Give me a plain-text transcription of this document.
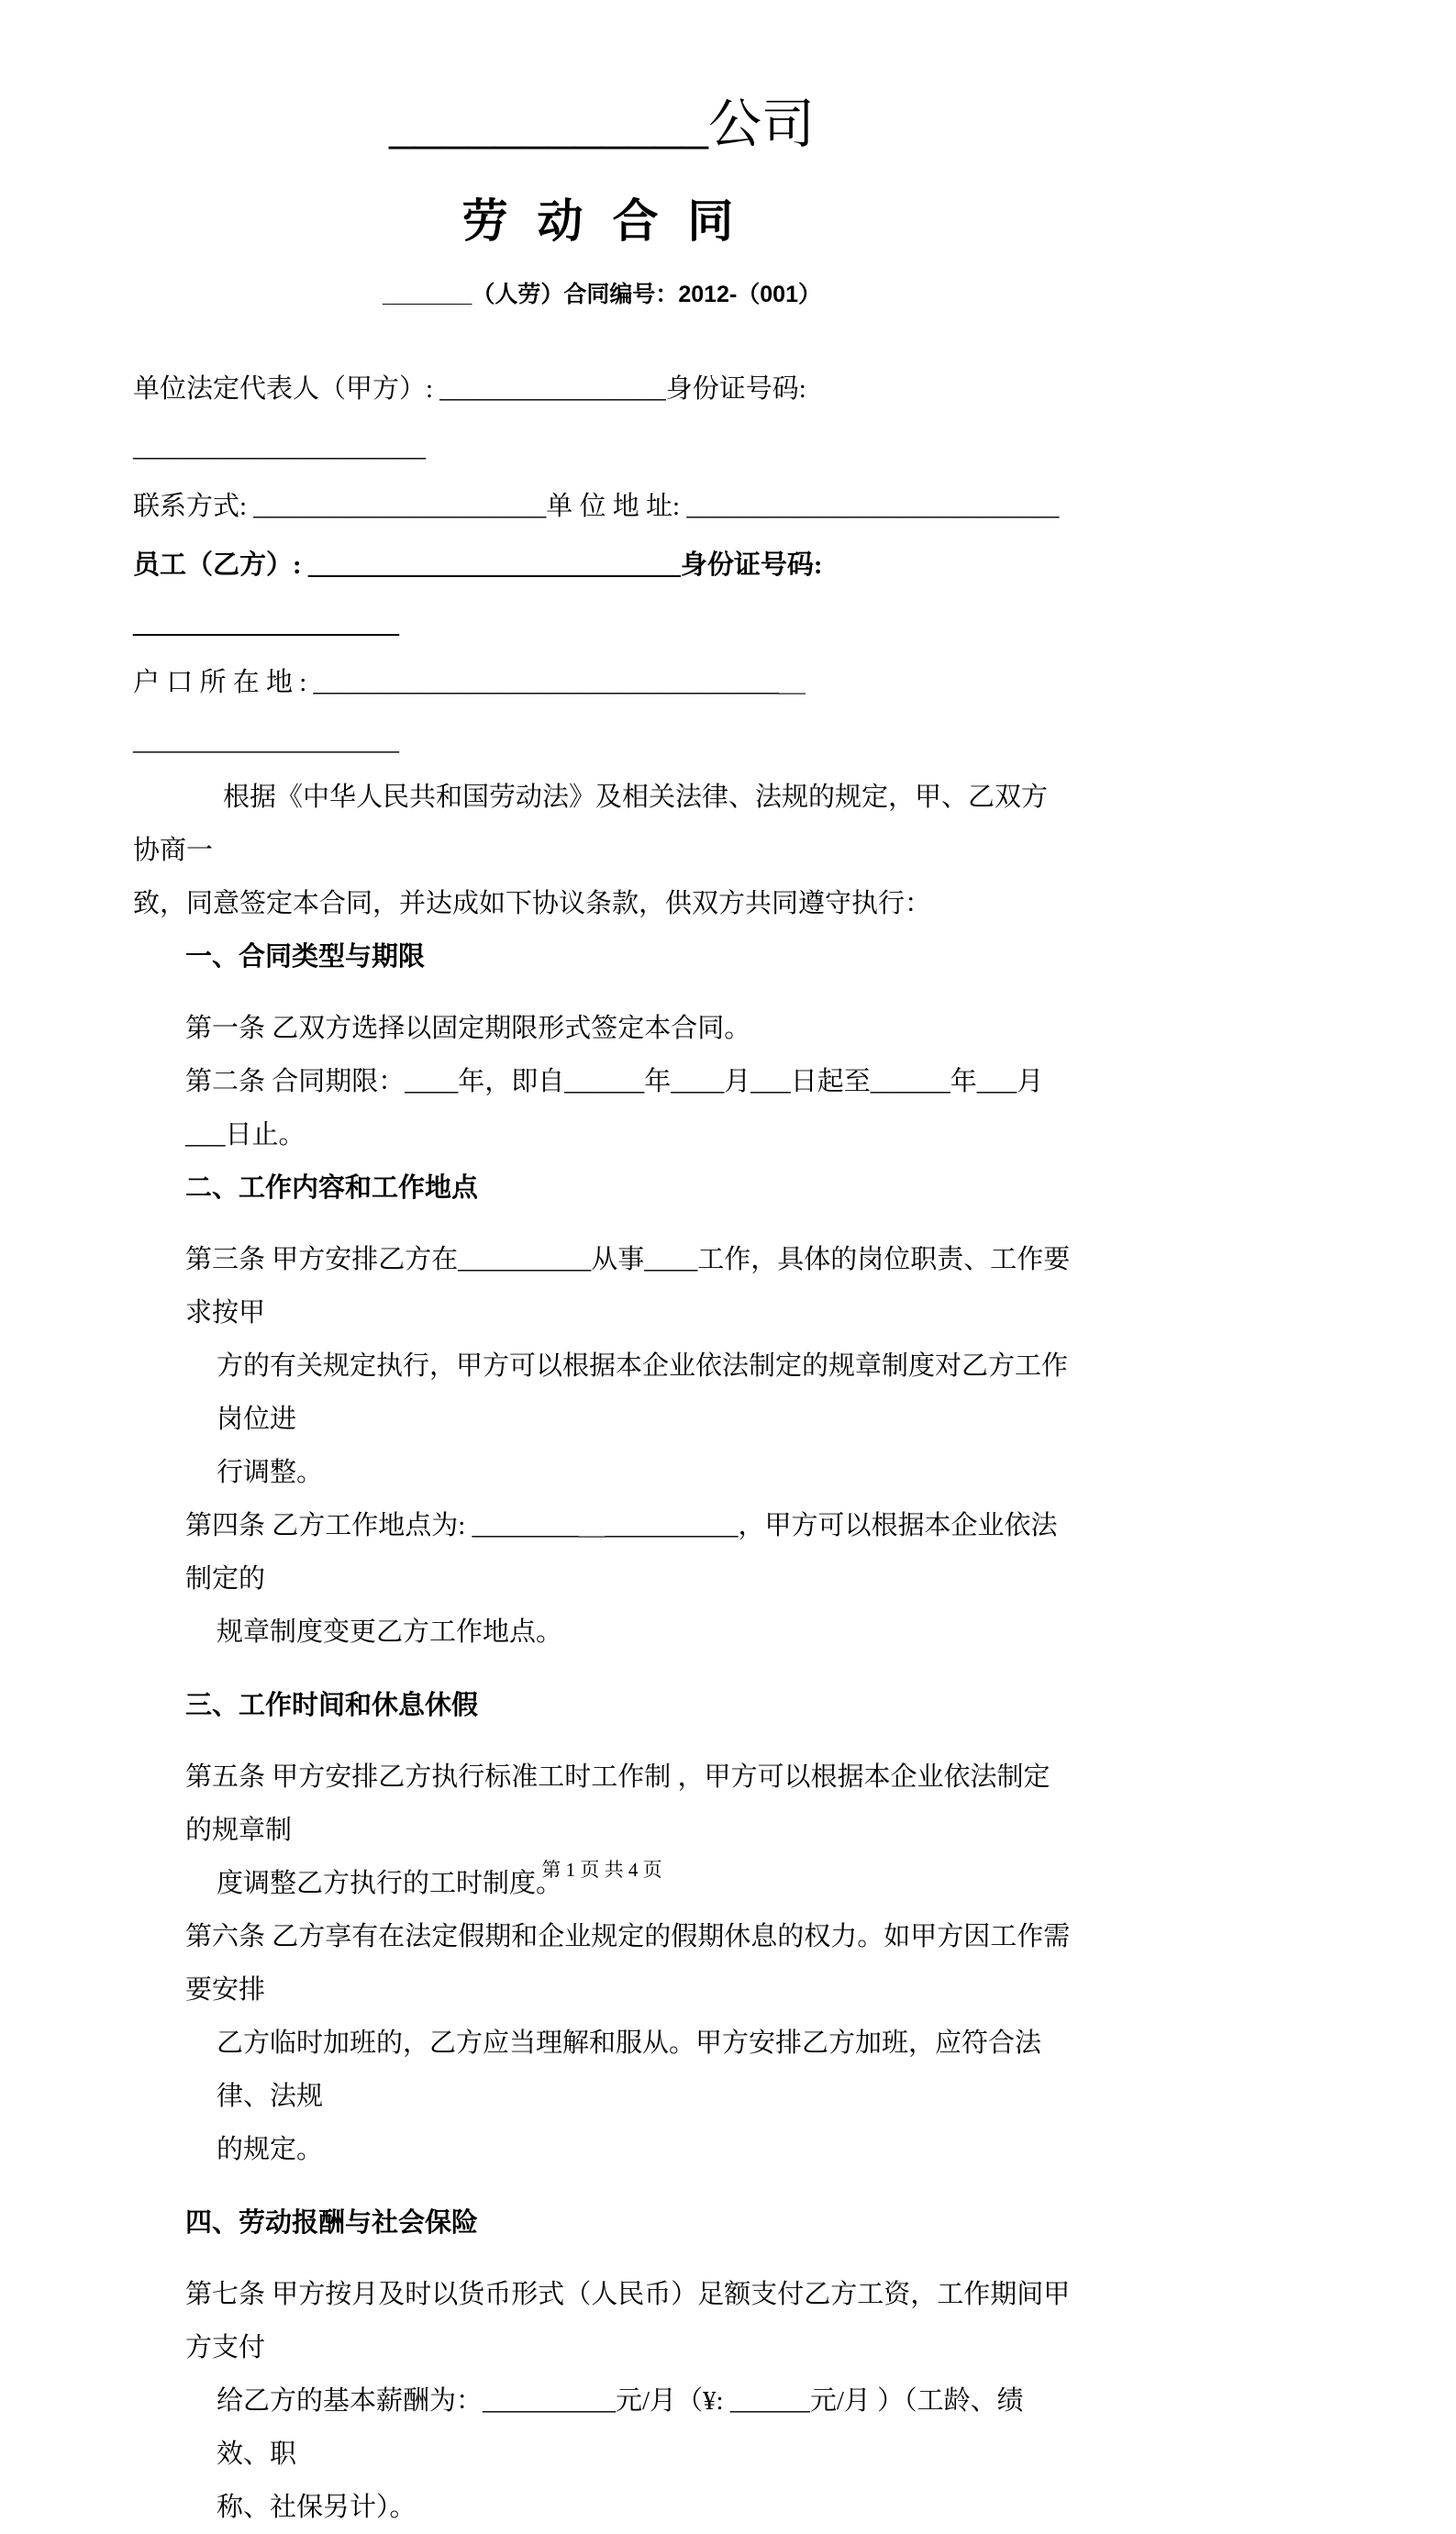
____________公司
劳 动 合 同
_______（人劳）合同编号：2012-（001）
单位法定代表人（甲方）: _________________身份证号码: ______________________
联系方式: ______________________单 位 地 址: ____________________________
员工（乙方）: ____________________________身份证号码: ____________________
户 口 所 在 地 : ___________________________________＿____________________
根据《中华人民共和国劳动法》及相关法律、法规的规定，甲、乙双方协商一
致，同意签定本合同，并达成如下协议条款，供双方共同遵守执行：
一、合同类型与期限
第一条 乙双方选择以固定期限形式签定本合同。
第二条 合同期限：____年，即自______年____月___日起至______年___月___日止。
二、工作内容和工作地点
第三条 甲方安排乙方在__________从事____工作，具体的岗位职责、工作要求按甲
方的有关规定执行，甲方可以根据本企业依法制定的规章制度对乙方工作岗位进
行调整。
第四条 乙方工作地点为: ________＿__________，甲方可以根据本企业依法制定的
规章制度变更乙方工作地点。
三、工作时间和休息休假
第五条 甲方安排乙方执行标准工时工作制 ，甲方可以根据本企业依法制定的规章制
度调整乙方执行的工时制度。
第六条 乙方享有在法定假期和企业规定的假期休息的权力。如甲方因工作需要安排
乙方临时加班的，乙方应当理解和服从。甲方安排乙方加班，应符合法律、法规
的规定。
四、劳动报酬与社会保险
第七条 甲方按月及时以货币形式（人民币）足额支付乙方工资，工作期间甲方支付
给乙方的基本薪酬为：__________元/月（¥: ______元/月 ）（工龄、绩效、职
称、社保另计）。
第 1 页 共 4 页
